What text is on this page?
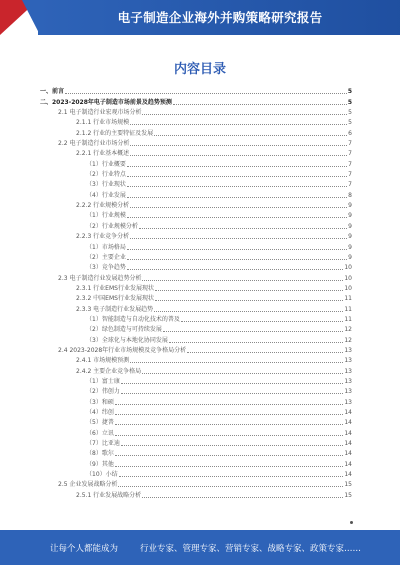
电子制造企业海外并购策略研究报告
内容目录
一、前言	5
二、2023-2028年电子制造市场前景及趋势预测	5
2.1 电子制造行业宏观市场分析	5
2.1.1 行业市场规模	5
2.1.2 行业的主要特征及发展	6
2.2 电子制造行业市场分析	7
2.2.1 行业基本概述	7
（1）行业概要	7
（2）行业特点	7
（3）行业现状	7
（4）行业发展	8
2.2.2 行业规模分析	9
（1）行业规模	9
（2）行业规模分析	9
2.2.3 行业竞争分析	9
（1）市场格局	9
（2）主要企业	9
（3）竞争趋势	10
2.3 电子制造行业发展趋势分析	10
2.3.1 行业EMS行业发展现状	10
2.3.2 中国EMS行业发展现状	11
2.3.3 电子制造行业发展趋势	11
（1）智能制造与自动化技术的普及	11
（2）绿色制造与可持续发展	12
（3）全球化与本地化协同发展	12
2.4 2023-2028年行业市场规模及竞争格局分析	13
2.4.1 市场规模预测	13
2.4.2 主要企业竞争格局	13
（1）富士康	13
（2）伟创力	13
（3）和硕	13
（4）纬创	14
（5）捷普	14
（6）立讯	14
（7）比亚迪	14
（8）歌尔	14
（9）其他	14
（10）小结	14
2.5 企业发展战略分析	15
2.5.1 行业发展战略分析	15
让每个人都能成为	行业专家、管理专家、营销专家、战略专家、政策专家……
